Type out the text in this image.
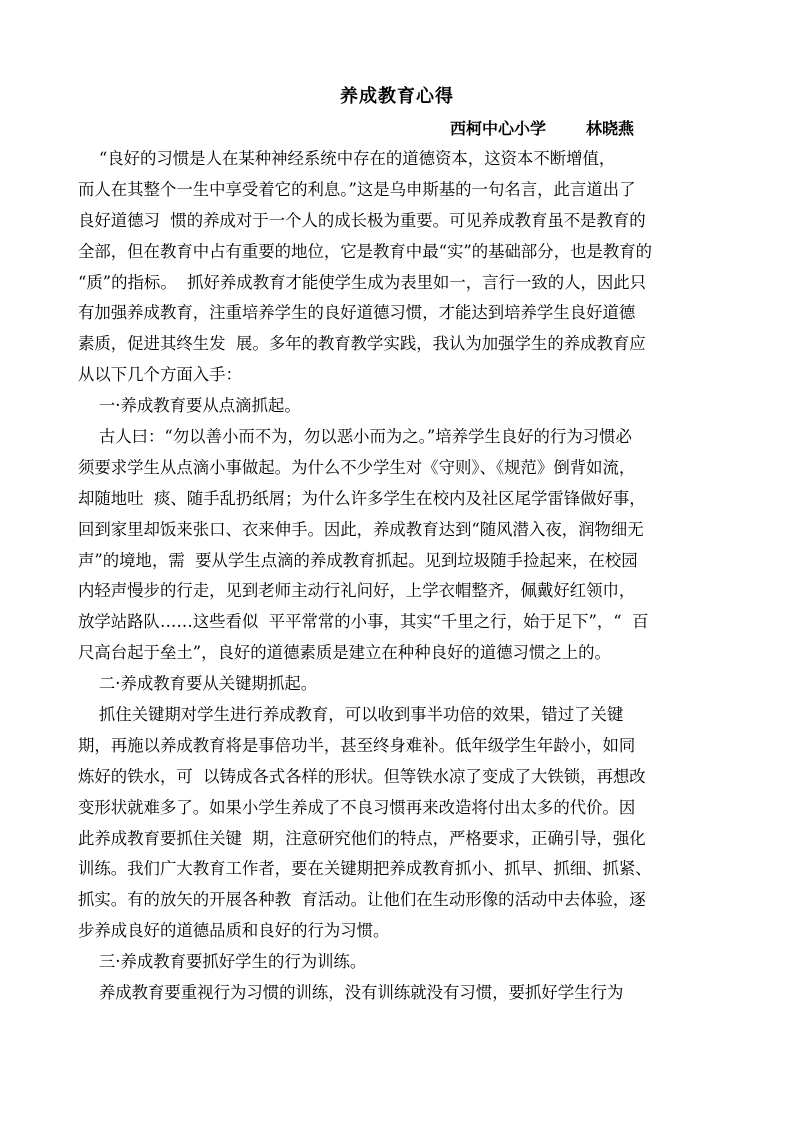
养成教育心得
西柯中心小学	林晓燕
“良好的习惯是人在某种神经系统中存在的道德资本，这资本不断增值，
而人在其整个一生中享受着它的利息。”这是乌申斯基的一句名言，此言道出了
良好道德习  惯的养成对于一个人的成长极为重要。可见养成教育虽不是教育的
全部，但在教育中占有重要的地位，它是教育中最“实”的基础部分，也是教育的
“质”的指标。  抓好养成教育才能使学生成为表里如一，言行一致的人，因此只
有加强养成教育，注重培养学生的良好道德习惯，才能达到培养学生良好道德
素质，促进其终生发  展。多年的教育教学实践，我认为加强学生的养成教育应
从以下几个方面入手：
一·养成教育要从点滴抓起。
古人曰：“勿以善小而不为，勿以恶小而为之。”培养学生良好的行为习惯必
须要求学生从点滴小事做起。为什么不少学生对《守则》、《规范》倒背如流，
却随地吐  痰、随手乱扔纸屑；为什么许多学生在校内及社区尾学雷锋做好事，
回到家里却饭来张口、衣来伸手。因此，养成教育达到“随风潜入夜，润物细无
声”的境地，需  要从学生点滴的养成教育抓起。见到垃圾随手捡起来，在校园
内轻声慢步的行走，见到老师主动行礼问好，上学衣帽整齐，佩戴好红领巾，
放学站路队……这些看似  平平常常的小事，其实“千里之行，始于足下”，“  百
尺高台起于垒土”，良好的道德素质是建立在种种良好的道德习惯之上的。
二·养成教育要从关键期抓起。
抓住关键期对学生进行养成教育，可以收到事半功倍的效果，错过了关键
期，再施以养成教育将是事倍功半，甚至终身难补。低年级学生年龄小，如同
炼好的铁水，可  以铸成各式各样的形状。但等铁水凉了变成了大铁锁，再想改
变形状就难多了。如果小学生养成了不良习惯再来改造将付出太多的代价。因
此养成教育要抓住关键  期，注意研究他们的特点，严格要求，正确引导，强化
训练。我们广大教育工作者，要在关键期把养成教育抓小、抓早、抓细、抓紧、
抓实。有的放矢的开展各种教  育活动。让他们在生动形像的活动中去体验，逐
步养成良好的道德品质和良好的行为习惯。
三·养成教育要抓好学生的行为训练。
养成教育要重视行为习惯的训练，没有训练就没有习惯，要抓好学生行为
